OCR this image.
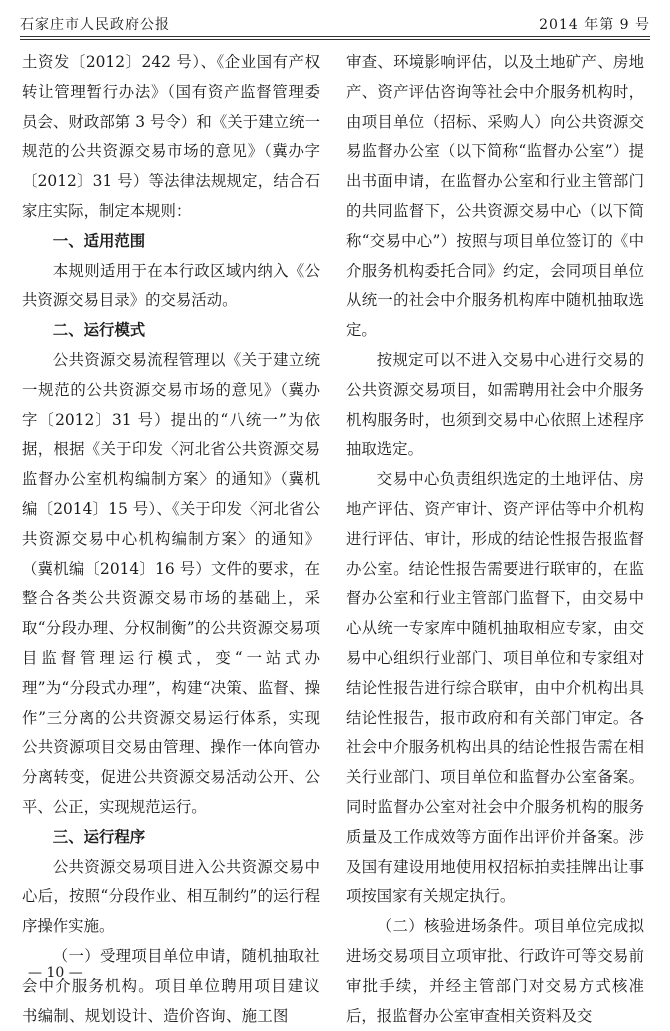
石家庄市人民政府公报	2014 年第 9 号

土资发〔2012〕242 号）、《企业国有产权转让管理暂行办法》（国有资产监督管理委员会、财政部第 3 号令）和《关于建立统一规范的公共资源交易市场的意见》（冀办字〔2012〕31 号）等法律法规规定，结合石家庄实际，制定本规则：

一、适用范围

本规则适用于在本行政区域内纳入《公共资源交易目录》的交易活动。

二、运行模式

公共资源交易流程管理以《关于建立统一规范的公共资源交易市场的意见》（冀办字〔2012〕31 号）提出的“八统一”为依据，根据《关于印发〈河北省公共资源交易监督办公室机构编制方案〉的通知》（冀机编〔2014〕15 号）、《关于印发〈河北省公共资源交易中心机构编制方案〉的通知》（冀机编〔2014〕16 号）文件的要求，在整合各类公共资源交易市场的基础上，采取“分段办理、分权制衡”的公共资源交易项目监督管理运行模式，变“一站式办理”为“分段式办理”，构建“决策、监督、操作”三分离的公共资源交易运行体系，实现公共资源项目交易由管理、操作一体向管办分离转变，促进公共资源交易活动公开、公平、公正，实现规范运行。

三、运行程序

公共资源交易项目进入公共资源交易中心后，按照“分段作业、相互制约”的运行程序操作实施。

（一）受理项目单位申请，随机抽取社会中介服务机构。项目单位聘用项目建议书编制、规划设计、造价咨询、施工图

审查、环境影响评估，以及土地矿产、房地产、资产评估咨询等社会中介服务机构时，由项目单位（招标、采购人）向公共资源交易监督办公室（以下简称“监督办公室”）提出书面申请，在监督办公室和行业主管部门的共同监督下，公共资源交易中心（以下简称“交易中心”）按照与项目单位签订的《中介服务机构委托合同》约定，会同项目单位从统一的社会中介服务机构库中随机抽取选定。

按规定可以不进入交易中心进行交易的公共资源交易项目，如需聘用社会中介服务机构服务时，也须到交易中心依照上述程序抽取选定。

交易中心负责组织选定的土地评估、房地产评估、资产审计、资产评估等中介机构进行评估、审计，形成的结论性报告报监督办公室。结论性报告需要进行联审的，在监督办公室和行业主管部门监督下，由交易中心从统一专家库中随机抽取相应专家，由交易中心组织行业部门、项目单位和专家组对结论性报告进行综合联审，由中介机构出具结论性报告，报市政府和有关部门审定。各社会中介服务机构出具的结论性报告需在相关行业部门、项目单位和监督办公室备案。同时监督办公室对社会中介服务机构的服务质量及工作成效等方面作出评价并备案。涉及国有建设用地使用权招标拍卖挂牌出让事项按国家有关规定执行。

（二）核验进场条件。项目单位完成拟进场交易项目立项审批、行政许可等交易前审批手续，并经主管部门对交易方式核准后，报监督办公室审查相关资料及交

— 10 —
